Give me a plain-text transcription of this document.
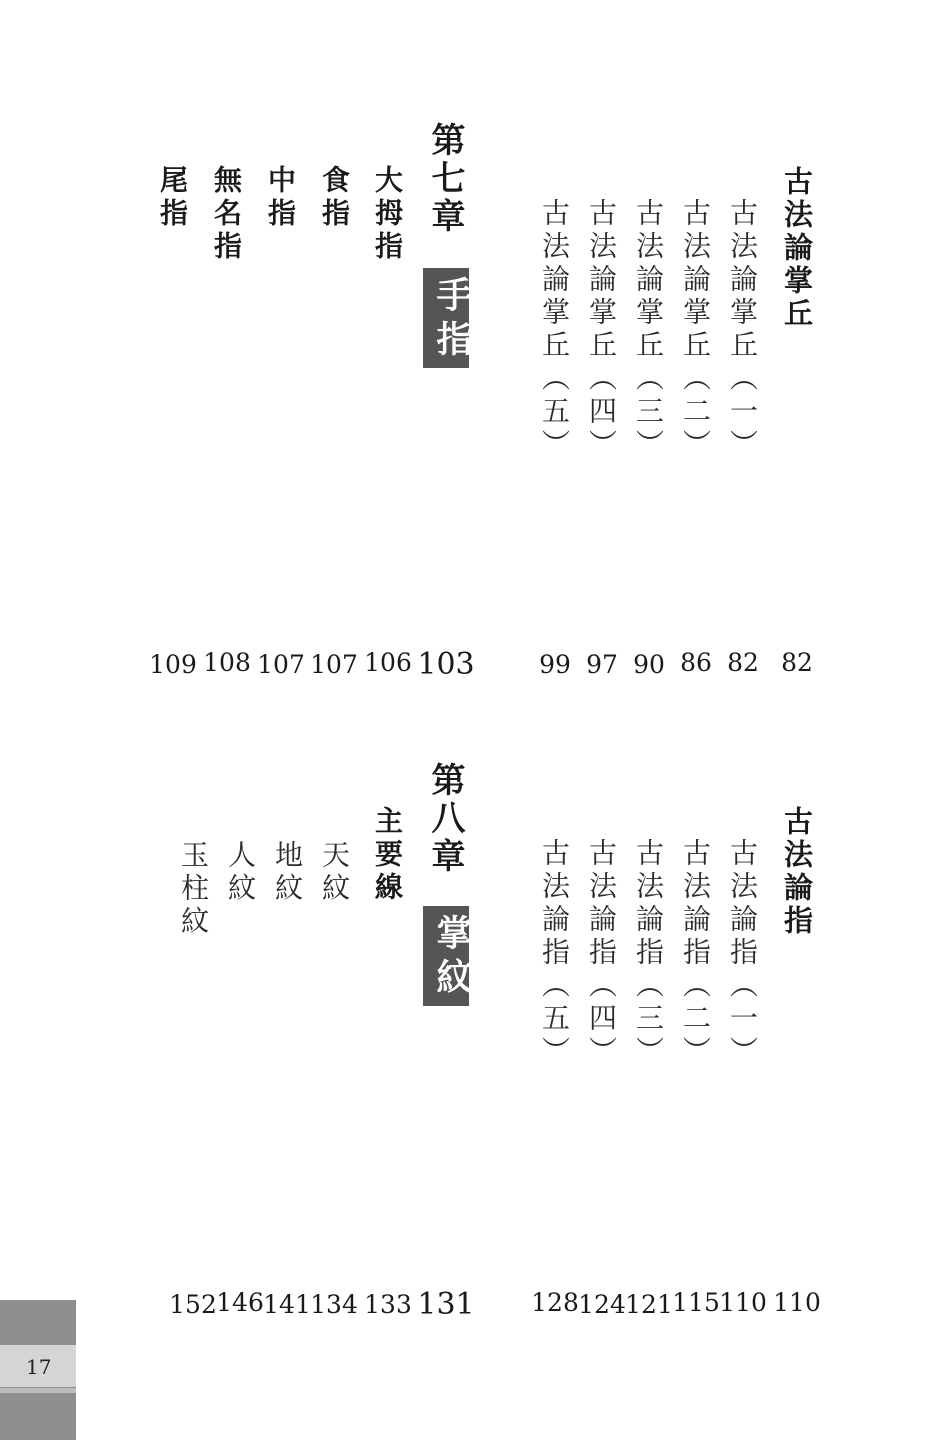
古法論掌丘
古法論掌丘︵一︶
古法論掌丘︵二︶
古法論掌丘︵三︶
古法論掌丘︵四︶
古法論掌丘︵五︶
第七章
手指
大拇指
食指
中指
無名指
尾指
82
82
86
90
97
99
103
106
107
107
108
109
古法論指
古法論指︵一︶
古法論指︵二︶
古法論指︵三︶
古法論指︵四︶
古法論指︵五︶
第八章
掌紋
主要線
天紋
地紋
人紋
玉柱紋
110
110
115
121
124
128
131
133
134
141
146
152
17
